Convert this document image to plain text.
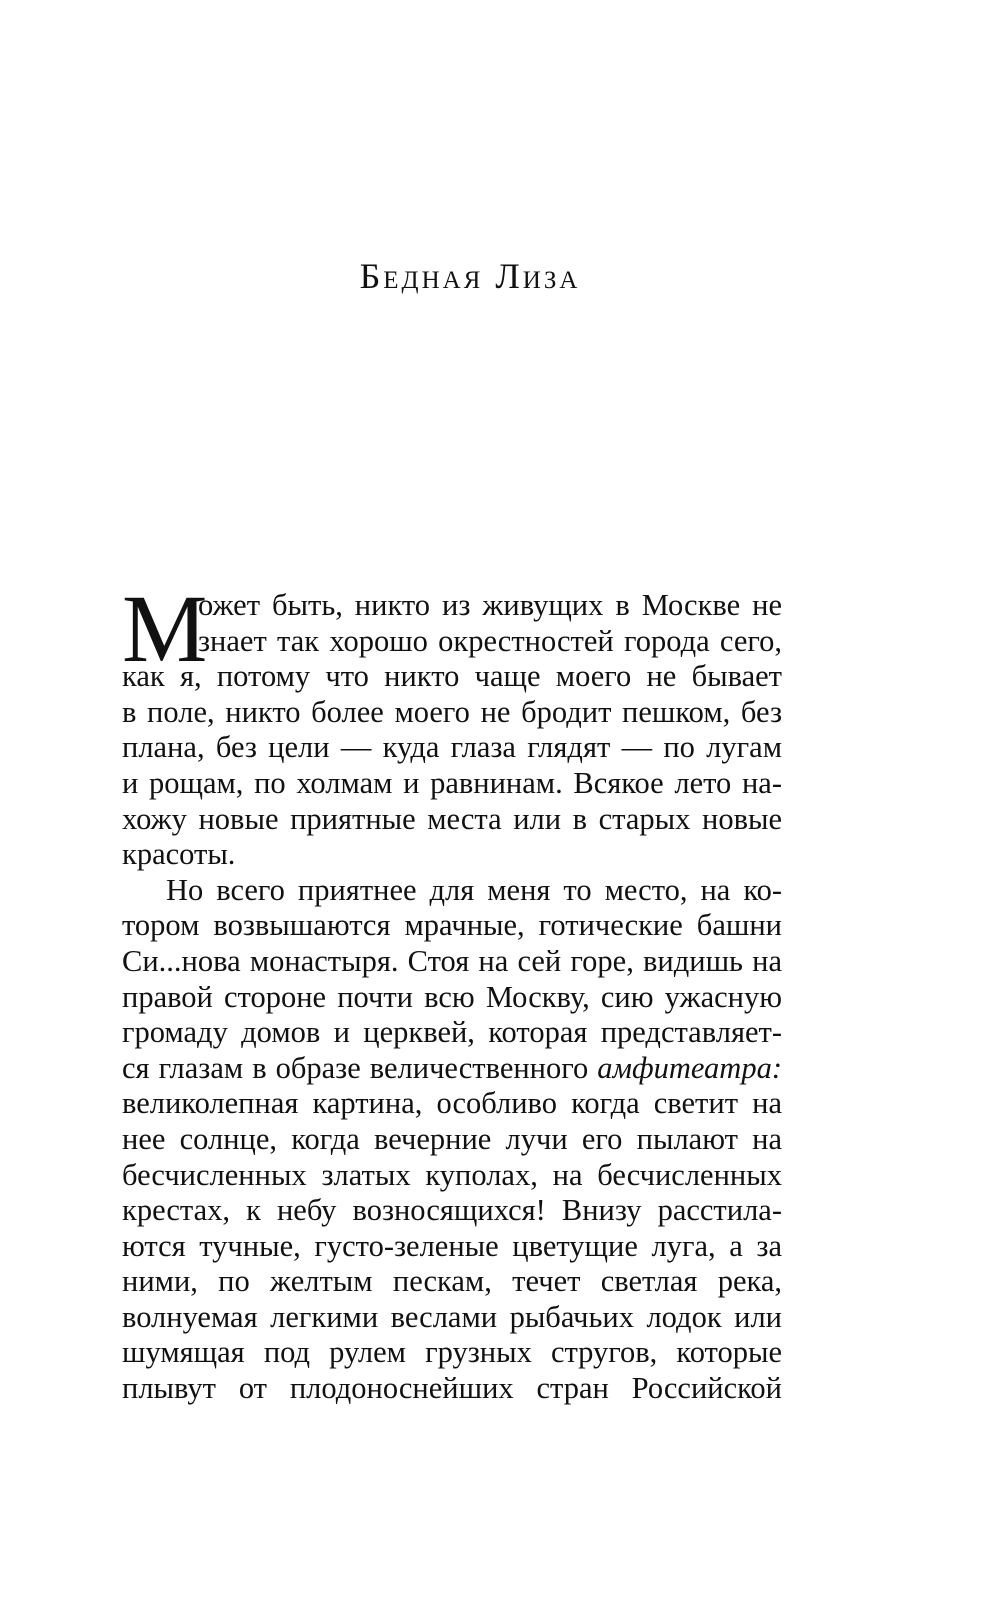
Бедная Лиза
М
ожет быть, никто из живущих в Москве не
знает так хорошо окрестностей города сего,
как я, потому что никто чаще моего не бывает
в поле, никто более моего не бродит пешком, без
плана, без цели — куда глаза глядят — по лугам
и рощам, по холмам и равнинам. Всякое лето на-
хожу новые приятные места или в старых новые
красоты.
Но всего приятнее для меня то место, на ко-
тором возвышаются мрачные, готические башни
Си...нова монастыря. Стоя на сей горе, видишь на
правой стороне почти всю Москву, сию ужасную
громаду домов и церквей, которая представляет-
ся глазам в образе величественного амфитеатра:
великолепная картина, особливо когда светит на
нее солнце, когда вечерние лучи его пылают на
бесчисленных златых куполах, на бесчисленных
крестах, к небу возносящихся! Внизу расстила-
ются тучные, густо-зеленые цветущие луга, а за
ними, по желтым пескам, течет светлая река,
волнуемая легкими веслами рыбачьих лодок или
шумящая под рулем грузных стругов, которые
плывут от плодоноснейших стран Российской
